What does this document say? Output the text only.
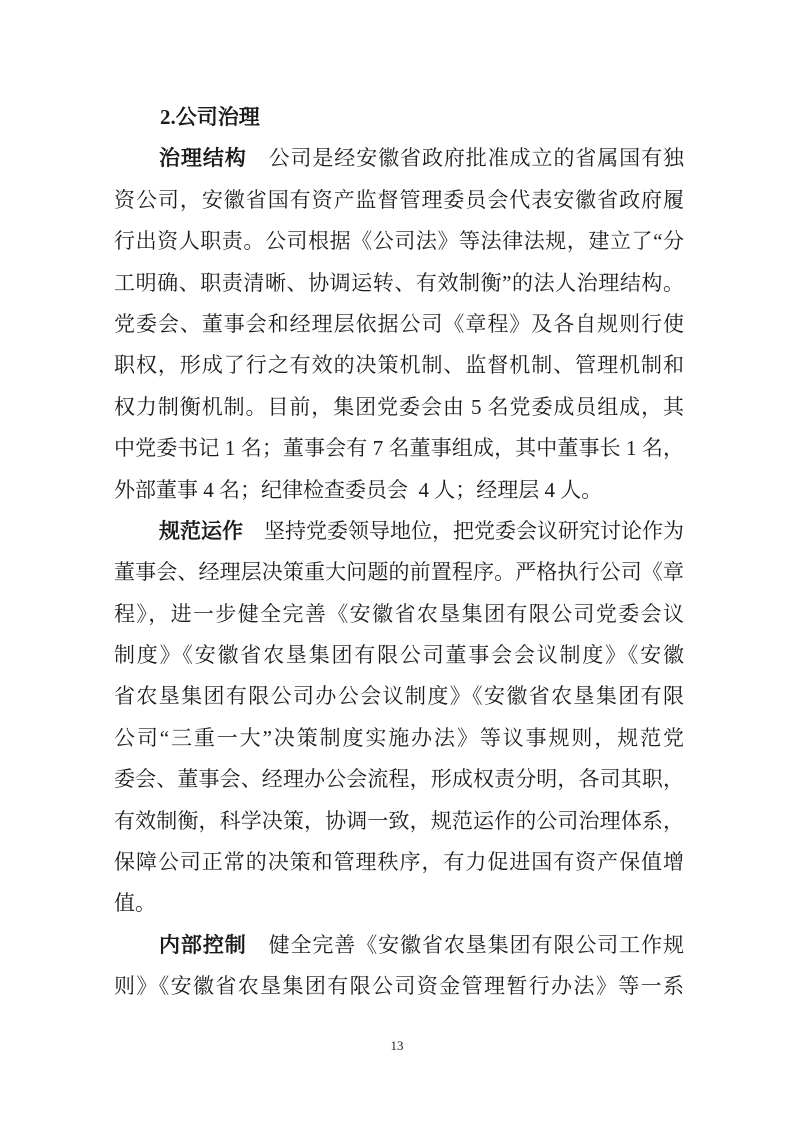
2.公司治理
治理结构　公司是经安徽省政府批准成立的省属国有独
资公司，安徽省国有资产监督管理委员会代表安徽省政府履
行出资人职责。公司根据《公司法》等法律法规，建立了“分
工明确、职责清晰、协调运转、有效制衡”的法人治理结构。
党委会、董事会和经理层依据公司《章程》及各自规则行使
职权，形成了行之有效的决策机制、监督机制、管理机制和
权力制衡机制。目前，集团党委会由 5 名党委成员组成，其
中党委书记 1 名；董事会有 7 名董事组成，其中董事长 1 名，
外部董事 4 名；纪律检查委员会  4 人；经理层 4 人。
规范运作　坚持党委领导地位，把党委会议研究讨论作为
董事会、经理层决策重大问题的前置程序。严格执行公司《章
程》，进一步健全完善《安徽省农垦集团有限公司党委会议
制度》《安徽省农垦集团有限公司董事会会议制度》《安徽
省农垦集团有限公司办公会议制度》《安徽省农垦集团有限
公司“三重一大”决策制度实施办法》等议事规则，规范党
委会、董事会、经理办公会流程，形成权责分明，各司其职，
有效制衡，科学决策，协调一致，规范运作的公司治理体系，
保障公司正常的决策和管理秩序，有力促进国有资产保值增
值。
内部控制　健全完善《安徽省农垦集团有限公司工作规
则》《安徽省农垦集团有限公司资金管理暂行办法》等一系
13
